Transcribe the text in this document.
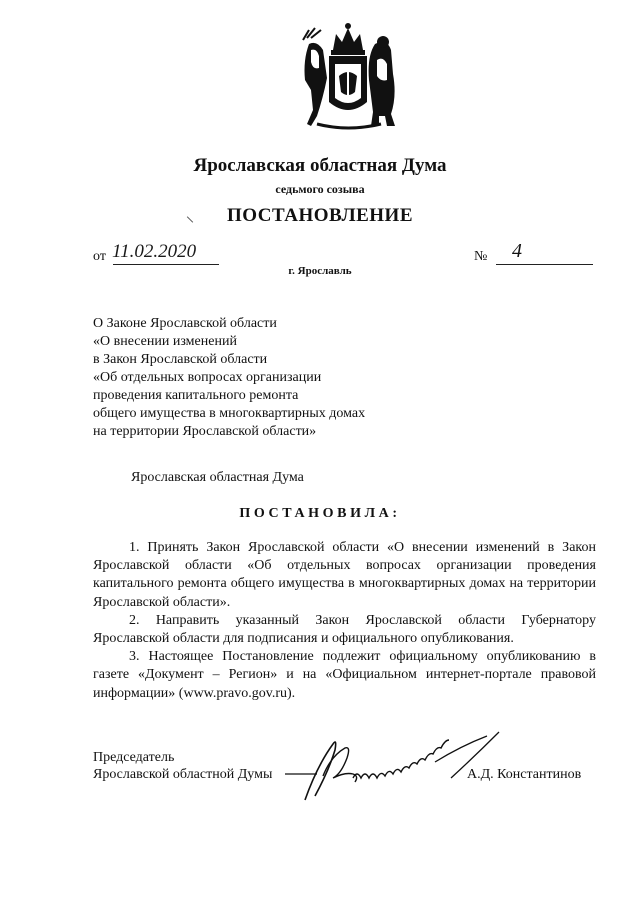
Ярославская областная Дума
седьмого созыва
ПОСТАНОВЛЕНИЕ
от 11.02.2020	№ 4
г. Ярославль
О Законе Ярославской области
«О внесении изменений
в Закон Ярославской области
«Об отдельных вопросах организации
проведения капитального ремонта
общего имущества в многоквартирных домах
на территории Ярославской области»
Ярославская областная Дума
ПОСТАНОВИЛА:

1. Принять Закон Ярославской области «О внесении изменений в Закон Ярославской области «Об отдельных вопросах организации проведения капитального ремонта общего имущества в многоквартирных домах на территории Ярославской области».

2. Направить указанный Закон Ярославской области Губернатору Ярославской области для подписания и официального опубликования.

3. Настоящее Постановление подлежит официальному опубликованию в газете «Документ – Регион» и на «Официальном интернет-портале правовой информации» (www.pravo.gov.ru).

Председатель
Ярославской областной Думы	А.Д. Константинов
